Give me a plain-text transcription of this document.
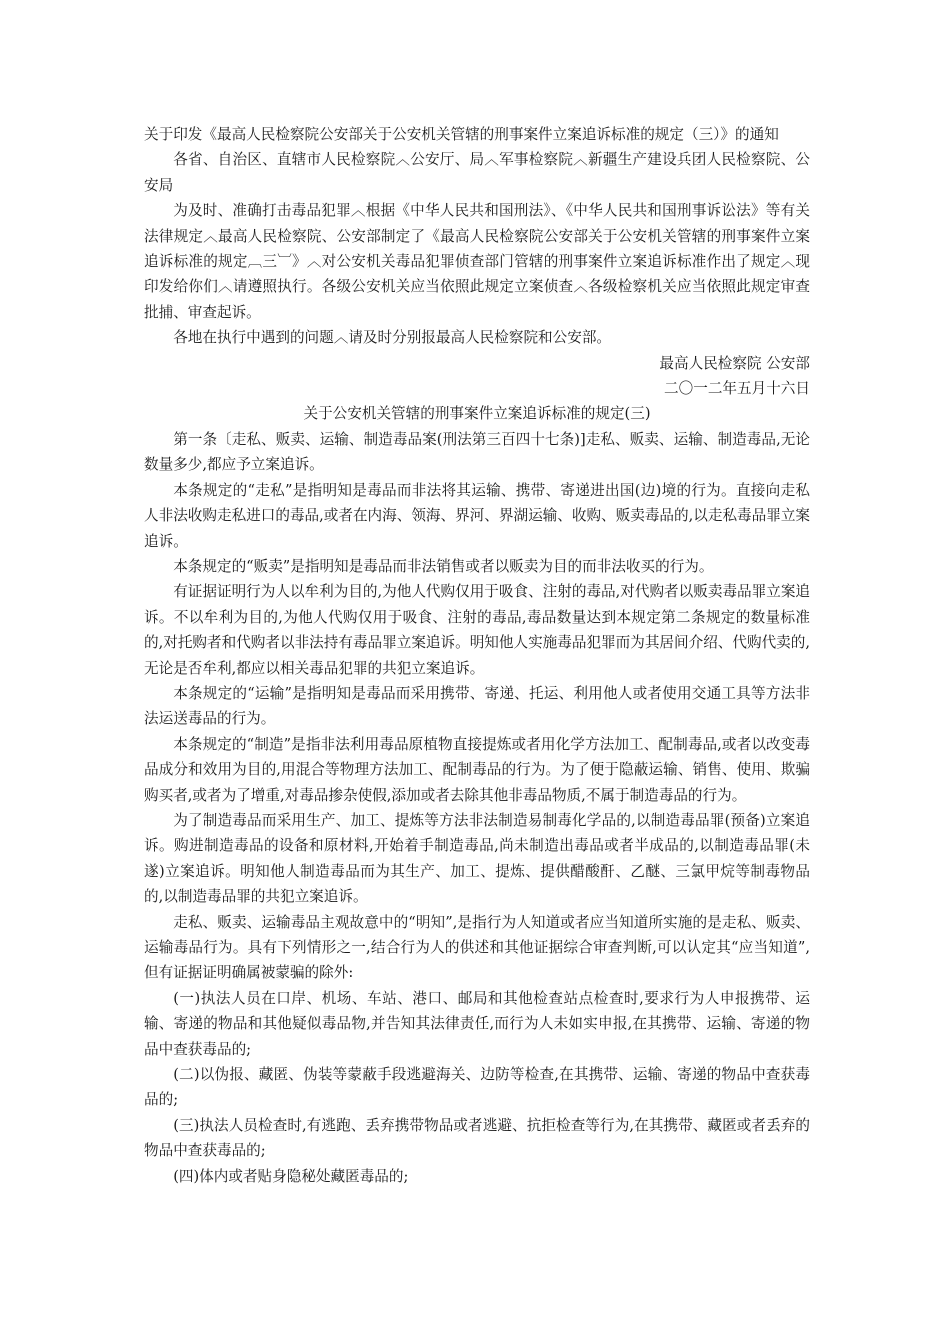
关于印发《最高人民检察院公安部关于公安机关管辖的刑事案件立案追诉标准的规定（三）》的通知

各省、自治区、直辖市人民检察院︿公安厅、局︿军事检察院︿新疆生产建设兵团人民检察院、公安局

为及时、准确打击毒品犯罪︿根据《中华人民共和国刑法》、《中华人民共和国刑事诉讼法》等有关法律规定︿最高人民检察院、公安部制定了《最高人民检察院公安部关于公安机关管辖的刑事案件立案追诉标准的规定︹三︺》︿对公安机关毒品犯罪侦查部门管辖的刑事案件立案追诉标准作出了规定︿现印发给你们︿请遵照执行。各级公安机关应当依照此规定立案侦查︿各级检察机关应当依照此规定审查批捕、审查起诉。

各地在执行中遇到的问题︿请及时分别报最高人民检察院和公安部。

最高人民检察院 公安部

二〇一二年五月十六日

关于公安机关管辖的刑事案件立案追诉标准的规定(三)

第一条〔走私、贩卖、运输、制造毒品案(刑法第三百四十七条)]走私、贩卖、运输、制造毒品,无论数量多少,都应予立案追诉。

本条规定的“走私”是指明知是毒品而非法将其运输、携带、寄递进出国(边)境的行为。直接向走私人非法收购走私进口的毒品,或者在内海、领海、界河、界湖运输、收购、贩卖毒品的,以走私毒品罪立案追诉。

本条规定的“贩卖”是指明知是毒品而非法销售或者以贩卖为目的而非法收买的行为。

有证据证明行为人以牟利为目的,为他人代购仅用于吸食、注射的毒品,对代购者以贩卖毒品罪立案追诉。不以牟利为目的,为他人代购仅用于吸食、注射的毒品,毒品数量达到本规定第二条规定的数量标准的,对托购者和代购者以非法持有毒品罪立案追诉。明知他人实施毒品犯罪而为其居间介绍、代购代卖的,无论是否牟利,都应以相关毒品犯罪的共犯立案追诉。

本条规定的“运输”是指明知是毒品而采用携带、寄递、托运、利用他人或者使用交通工具等方法非法运送毒品的行为。

本条规定的“制造”是指非法利用毒品原植物直接提炼或者用化学方法加工、配制毒品,或者以改变毒品成分和效用为目的,用混合等物理方法加工、配制毒品的行为。为了便于隐蔽运输、销售、使用、欺骗购买者,或者为了增重,对毒品掺杂使假,添加或者去除其他非毒品物质,不属于制造毒品的行为。

为了制造毒品而采用生产、加工、提炼等方法非法制造易制毒化学品的,以制造毒品罪(预备)立案追诉。购进制造毒品的设备和原材料,开始着手制造毒品,尚未制造出毒品或者半成品的,以制造毒品罪(未遂)立案追诉。明知他人制造毒品而为其生产、加工、提炼、提供醋酸酐、乙醚、三氯甲烷等制毒物品的,以制造毒品罪的共犯立案追诉。

走私、贩卖、运输毒品主观故意中的“明知”,是指行为人知道或者应当知道所实施的是走私、贩卖、运输毒品行为。具有下列情形之一,结合行为人的供述和其他证据综合审查判断,可以认定其“应当知道”,但有证据证明确属被蒙骗的除外:

(一)执法人员在口岸、机场、车站、港口、邮局和其他检查站点检查时,要求行为人申报携带、运输、寄递的物品和其他疑似毒品物,并告知其法律责任,而行为人未如实申报,在其携带、运输、寄递的物品中查获毒品的;

(二)以伪报、藏匿、伪装等蒙蔽手段逃避海关、边防等检查,在其携带、运输、寄递的物品中查获毒品的;

(三)执法人员检查时,有逃跑、丢弃携带物品或者逃避、抗拒检查等行为,在其携带、藏匿或者丢弃的物品中查获毒品的;

(四)体内或者贴身隐秘处藏匿毒品的;
